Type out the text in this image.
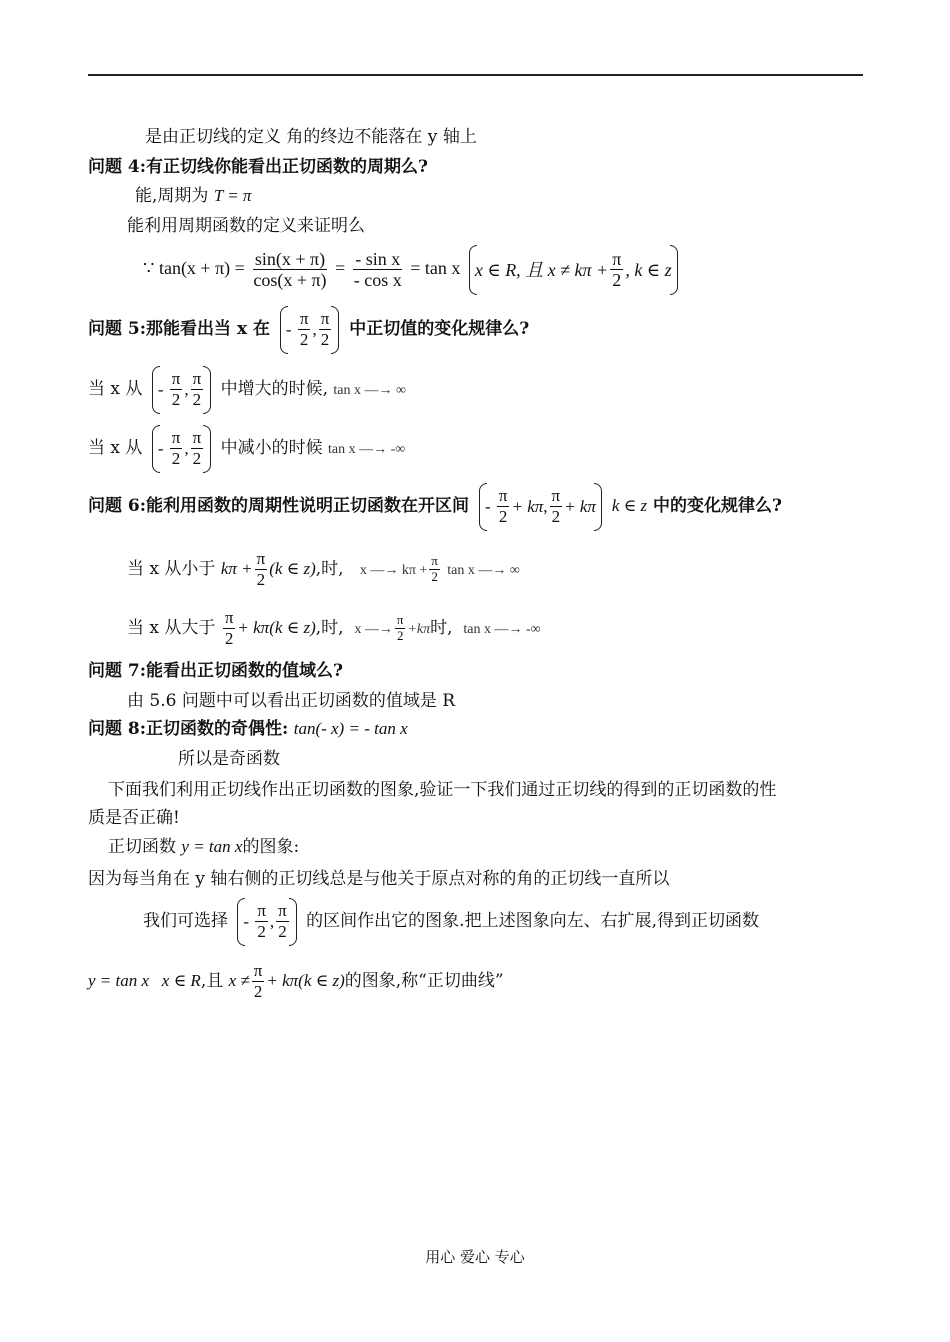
是由正切线的定义 角的终边不能落在 y 轴上
问题 4:有正切线你能看出正切函数的周期么?
能,周期为 T = π
能利用周期函数的定义来证明么
∵ $\tan(x + \pi) = \frac{\sin(x + \pi)}{\cos(x + \pi)} = \frac{\text{- sin x}}{\text{- cos x}} = \tan x$ x ∈ R, 且 $x \ne k\pi + \frac{\pi}{2}$ , k ∈ z
问题 5:那能看出当 x 在 -
$\frac{\pi}{2}$ , $\frac{\pi}{2}$ 中正切值的变化规律么?
当 x 从 -
$\frac{\pi}{2}$ , $\frac{\pi}{2}$ 中增大的时候, tan x —→ ∞
当 x 从 -
$\frac{\pi}{2}$ , $\frac{\pi}{2}$ 中减小的时候 tan x —→ -∞
问题 6:能利用函数的周期性说明正切函数在开区间 -
$\frac{\pi}{2} + k\pi$ , $\frac{\pi}{2} + k\pi$ k ∈ z 中的变化规律么?
当 x 从小于 $k\pi + \frac{\pi}{2} (k$ ∈ z),时, x —→ $k\pi + \frac{\pi}{2}$ tan x —→ ∞
当 x 从大于 $\frac{\pi}{2} + k\pi(k$ ∈ z),时, x —→ $\frac{\pi}{2} +k\pi$时, tan x —→ -∞
问题 7:能看出正切函数的值域么?
由 5.6 问题中可以看出正切函数的值域是 R
问题 8:正切函数的奇偶性: tan(- x) = - tan x
所以是奇函数
下面我们利用正切线作出正切函数的图象,验证一下我们通过正切线的得到的正切函数的性
质是否正确!
正切函数 y = tan x的图象:
因为每当角在 y 轴右侧的正切线总是与他关于原点对称的角的正切线一直所以
我们可选择 -
$\frac{\pi}{2}$ , $\frac{\pi}{2}$ 的区间作出它的图象.把上述图象向左、右扩展,得到正切函数
y = tan x   x ∈ R,且 $x \ne \frac{\pi}{2} + k\pi(k$ ∈ z)的图象,称“正切曲线”
用心 爱心 专心
